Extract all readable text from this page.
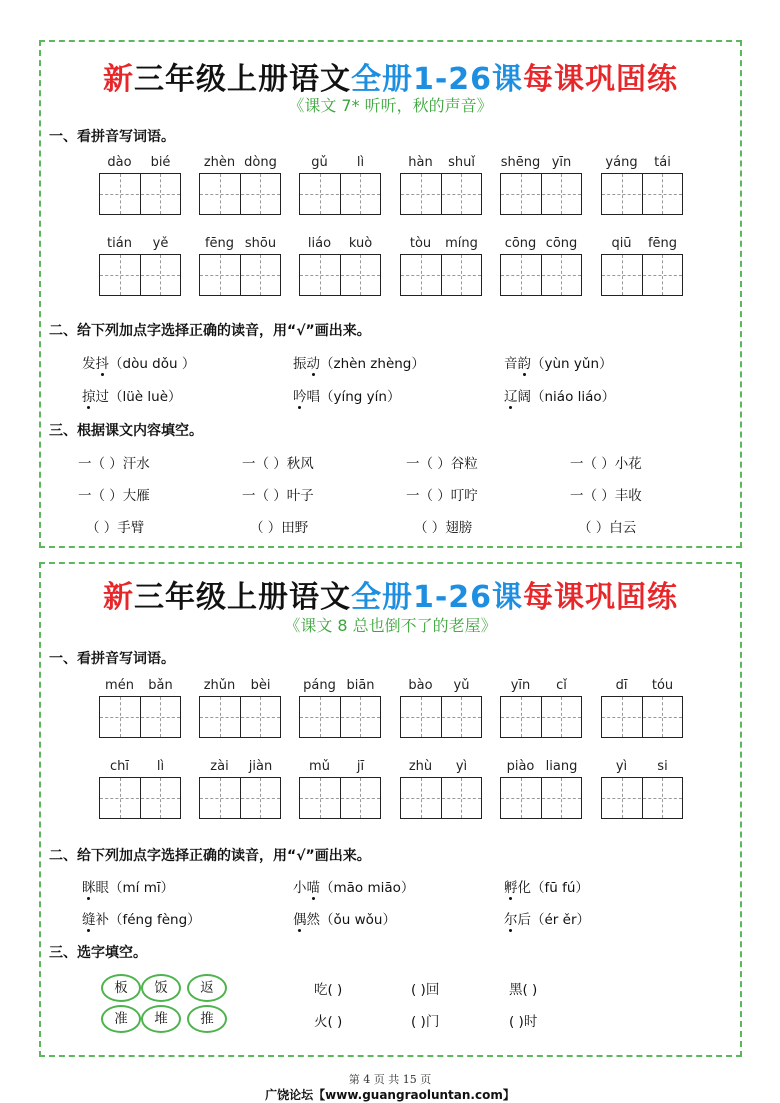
新三年级上册语文全册1-26课每课巩固练
《课文 7* 听听，秋的声音》
一、看拼音写词语。
dào	bié	zhèn dòng	gǔ	lì	hàn	shuǐ	shēng yīn	yáng	tái
tián	yě	fēng shōu	liáo	kuò	tòu	míng	cōng cōng	qiū	fēng
二、给下列加点字选择正确的读音，用“√”画出来。
发抖（dòu dǒu ）	振动（zhèn zhèng）	音韵（yùn yǔn）
掠过（lüè luè）	吟唱（yíng yín）	辽阔（niáo liáo）
三、根据课文内容填空。
一（ ）汗水	一（ ）秋风	一（ ）谷粒	一（ ）小花
一（ ）大雁	一（ ）叶子	一（ ）叮咛	一（ ）丰收
（ ）手臂	（ ）田野	（ ）翅膀	（ ）白云
新三年级上册语文全册1-26课每课巩固练
《课文 8 总也倒不了的老屋》
一、看拼音写词语。
mén	bǎn	zhǔn	bèi	páng biān	bào	yǔ	yīn	cǐ	dī	tóu
chī	lì	zài	jiàn	mǔ	jī	zhù	yì	piào liang	yì	si
二、给下列加点字选择正确的读音，用“√”画出来。
眯眼（mí mī）	小喵（māo miāo）	孵化（fū fú）
缝补（féng fèng）	偶然（ǒu wǒu）	尔后（ér ěr）
三、选字填空。
板	饭	返
准	堆	推
吃( )	( )回	黑( )
火( )	( )门	( )时
第 4 页 共 15 页
广饶论坛【www.guangraoluntan.com】
